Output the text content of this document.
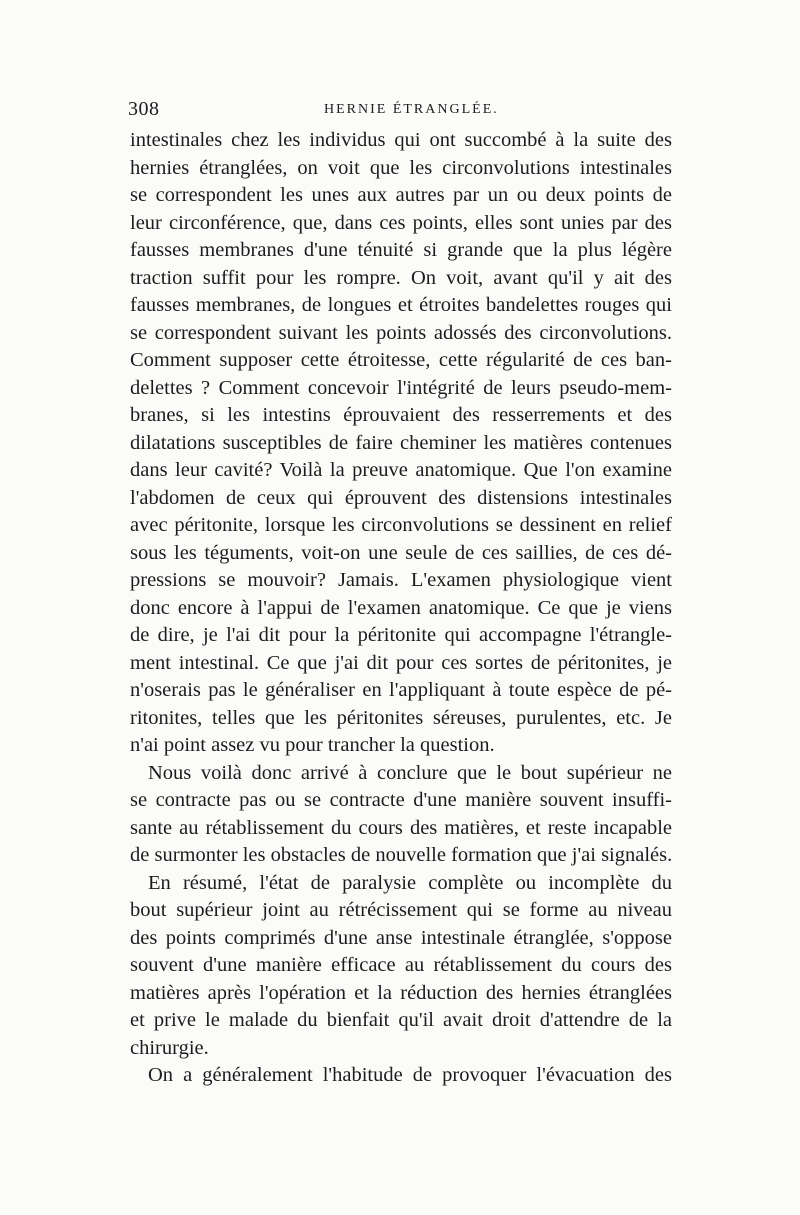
308	HERNIE ÉTRANGLÉE.
intestinales chez les individus qui ont succombé à la suite des
hernies étranglées, on voit que les circonvolutions intestinales
se correspondent les unes aux autres par un ou deux points de
leur circonférence, que, dans ces points, elles sont unies par des
fausses membranes d'une ténuité si grande que la plus légère
traction suffit pour les rompre. On voit, avant qu'il y ait des
fausses membranes, de longues et étroites bandelettes rouges qui
se correspondent suivant les points adossés des circonvolutions.
Comment supposer cette étroitesse, cette régularité de ces ban-
delettes ? Comment concevoir l'intégrité de leurs pseudo-mem-
branes, si les intestins éprouvaient des resserrements et des
dilatations susceptibles de faire cheminer les matières contenues
dans leur cavité? Voilà la preuve anatomique. Que l'on examine
l'abdomen de ceux qui éprouvent des distensions intestinales
avec péritonite, lorsque les circonvolutions se dessinent en relief
sous les téguments, voit-on une seule de ces saillies, de ces dé-
pressions se mouvoir? Jamais. L'examen physiologique vient
donc encore à l'appui de l'examen anatomique. Ce que je viens
de dire, je l'ai dit pour la péritonite qui accompagne l'étrangle-
ment intestinal. Ce que j'ai dit pour ces sortes de péritonites, je
n'oserais pas le généraliser en l'appliquant à toute espèce de pé-
ritonites, telles que les péritonites séreuses, purulentes, etc. Je
n'ai point assez vu pour trancher la question.
Nous voilà donc arrivé à conclure que le bout supérieur ne
se contracte pas ou se contracte d'une manière souvent insuffi-
sante au rétablissement du cours des matières, et reste incapable
de surmonter les obstacles de nouvelle formation que j'ai signalés.
En résumé, l'état de paralysie complète ou incomplète du
bout supérieur joint au rétrécissement qui se forme au niveau
des points comprimés d'une anse intestinale étranglée, s'oppose
souvent d'une manière efficace au rétablissement du cours des
matières après l'opération et la réduction des hernies étranglées
et prive le malade du bienfait qu'il avait droit d'attendre de la
chirurgie.
On a généralement l'habitude de provoquer l'évacuation des
